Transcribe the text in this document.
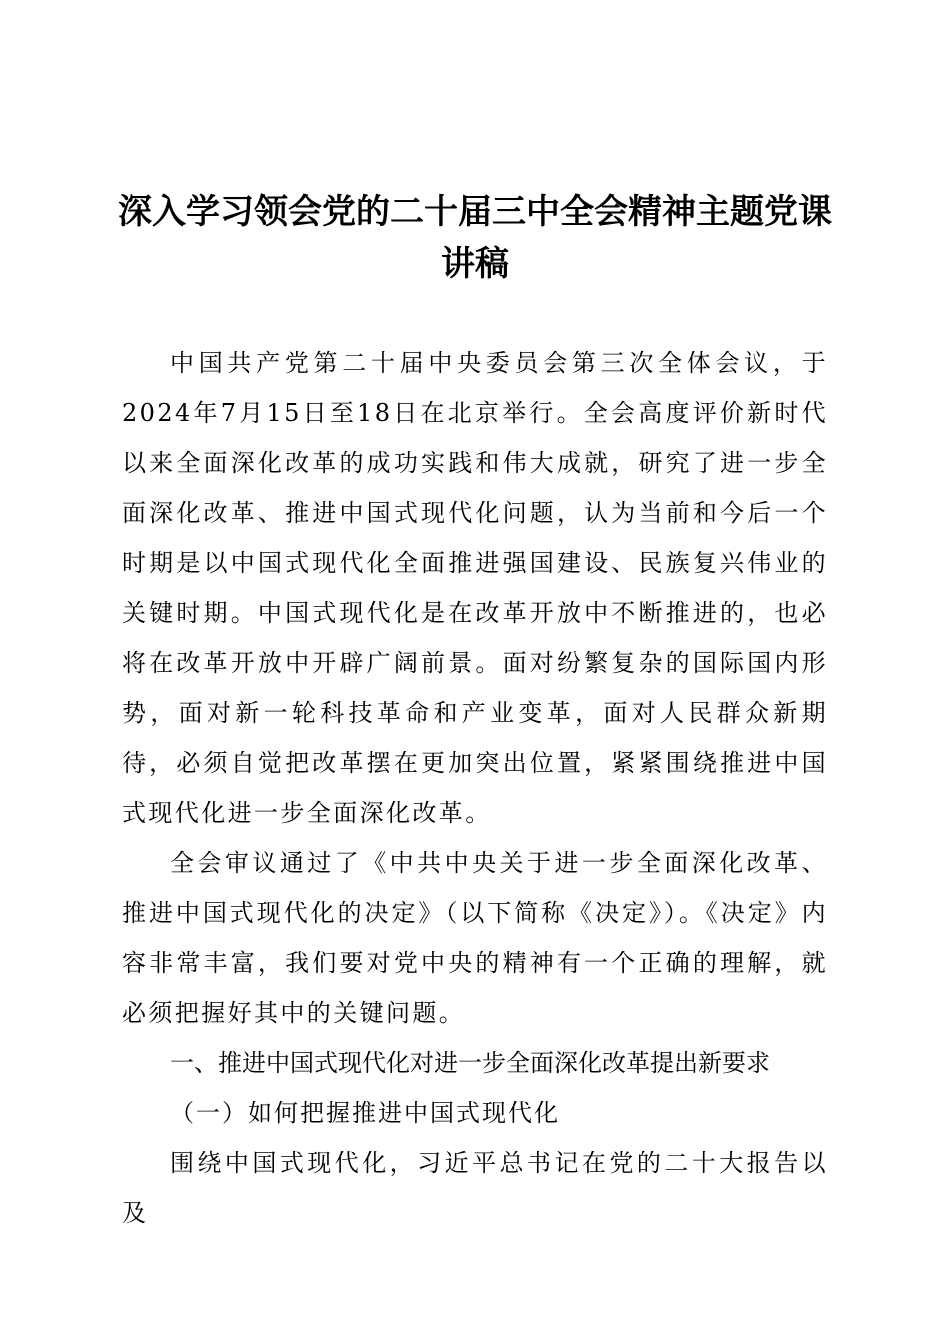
深入学习领会党的二十届三中全会精神主题党课讲稿

中国共产党第二十届中央委员会第三次全体会议，于2024年7月15日至18日在北京举行。全会高度评价新时代以来全面深化改革的成功实践和伟大成就，研究了进一步全面深化改革、推进中国式现代化问题，认为当前和今后一个时期是以中国式现代化全面推进强国建设、民族复兴伟业的关键时期。中国式现代化是在改革开放中不断推进的，也必将在改革开放中开辟广阔前景。面对纷繁复杂的国际国内形势，面对新一轮科技革命和产业变革，面对人民群众新期待，必须自觉把改革摆在更加突出位置，紧紧围绕推进中国式现代化进一步全面深化改革。

全会审议通过了《中共中央关于进一步全面深化改革、推进中国式现代化的决定》（以下简称《决定》）。《决定》内容非常丰富，我们要对党中央的精神有一个正确的理解，就必须把握好其中的关键问题。

一、推进中国式现代化对进一步全面深化改革提出新要求

（一）如何把握推进中国式现代化

围绕中国式现代化，习近平总书记在党的二十大报告以及
